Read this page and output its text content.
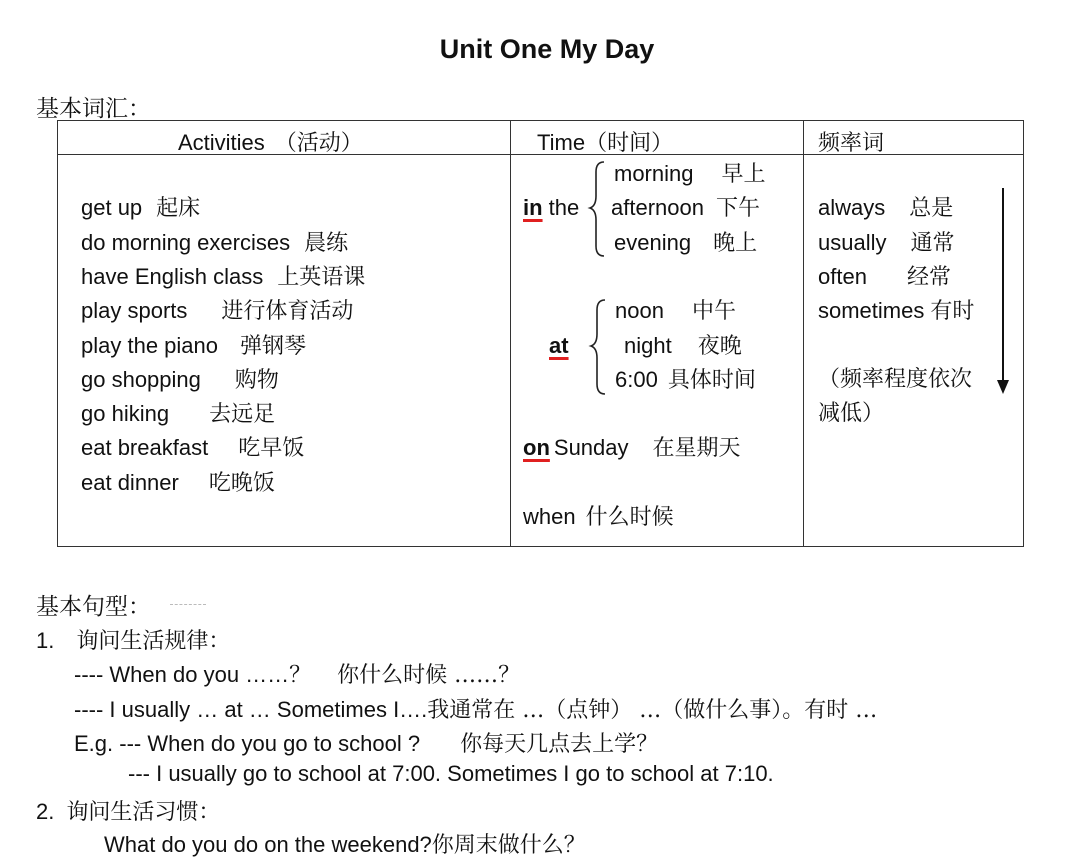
Unit One My Day
基本词汇：
Activities （活动）	Time（时间）	频率词
get up 起床
do morning exercises 晨练
have English class 上英语课
play sports 进行体育活动
play the piano 弹钢琴
go shopping 购物
go hiking 去远足
eat breakfast 吃早饭
eat dinner 吃晚饭
in the
morning 早上
afternoon 下午
evening 晚上
at
noon 中午
night 夜晚
6:00 具体时间
on Sunday 在星期天
when 什么时候
always 总是
usually 通常
often 经常
sometimes 有时
（频率程度依次
减低）
基本句型：
1. 询问生活规律：
---- When do you ……？ 你什么时候 ……？
---- I usually … at … Sometimes I….我通常在 …（点钟） …（做什么事）。有时 …
E.g. --- When do you go to school ? 你每天几点去上学？
--- I usually go to school at 7:00. Sometimes I go to school at 7:10.
2. 询问生活习惯：
What do you do on the weekend?你周末做什么？
